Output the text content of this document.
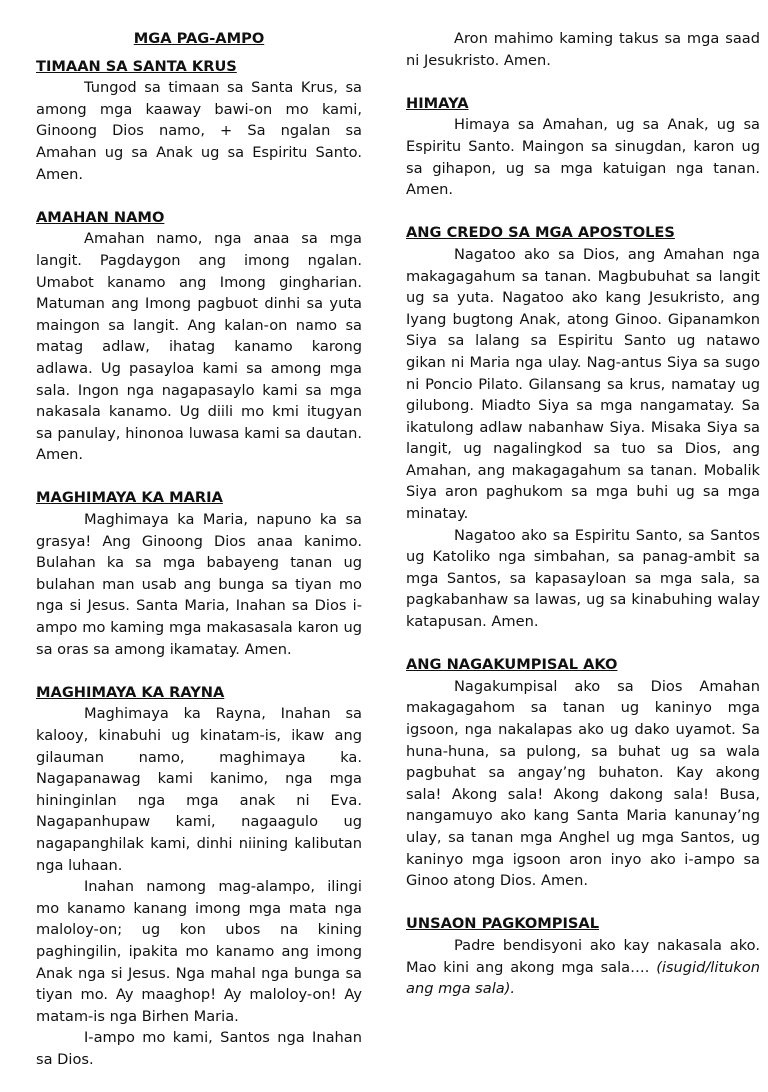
MGA PAG-AMPO

TIMAAN SA SANTA KRUS

Tungod sa timaan sa Santa Krus, sa among mga kaaway bawi-on mo kami, Ginoong Dios namo, + Sa ngalan sa Amahan ug sa Anak ug sa Espiritu Santo. Amen.

AMAHAN NAMO

Amahan namo, nga anaa sa mga langit. Pagdaygon ang imong ngalan. Umabot kanamo ang Imong gingharian. Matuman ang Imong pagbuot dinhi sa yuta maingon sa langit. Ang kalan-on namo sa matag adlaw, ihatag kanamo karong adlawa. Ug pasayloa kami sa among mga sala. Ingon nga nagapasaylo kami sa mga nakasala kanamo. Ug diili mo kmi itugyan sa panulay, hinonoa luwasa kami sa dautan. Amen.

MAGHIMAYA KA MARIA

Maghimaya ka Maria, napuno ka sa grasya! Ang Ginoong Dios anaa kanimo. Bulahan ka sa mga babayeng tanan ug bulahan man usab ang bunga sa tiyan mo nga si Jesus. Santa Maria, Inahan sa Dios i-ampo mo kaming mga makasasala karon ug sa oras sa among ikamatay. Amen.

MAGHIMAYA KA RAYNA

Maghimaya ka Rayna, Inahan sa kalooy, kinabuhi ug kinatam-is, ikaw ang gilauman namo, maghimaya ka. Nagapanawag kami kanimo, nga mga hininginlan nga mga anak ni Eva. Nagapanhupaw kami, nagaagulo ug nagapanghilak kami, dinhi niining kalibutan nga luhaan.

Inahan namong mag-alampo, ilingi mo kanamo kanang imong mga mata nga maloloy-on; ug kon ubos na kining paghingilin, ipakita mo kanamo ang imong Anak nga si Jesus. Nga mahal nga bunga sa tiyan mo. Ay maaghop! Ay maloloy-on! Ay matam-is nga Birhen Maria.

I-ampo mo kami, Santos nga Inahan sa Dios.

Aron mahimo kaming takus sa mga saad ni Jesukristo. Amen.

HIMAYA

Himaya sa Amahan, ug sa Anak, ug sa Espiritu Santo. Maingon sa sinugdan, karon ug sa gihapon, ug sa mga katuigan nga tanan. Amen.

ANG CREDO SA MGA APOSTOLES

Nagatoo ako sa Dios, ang Amahan nga makagagahum sa tanan. Magbubuhat sa langit ug sa yuta. Nagatoo ako kang Jesukristo, ang Iyang bugtong Anak, atong Ginoo. Gipanamkon Siya sa lalang sa Espiritu Santo ug natawo gikan ni Maria nga ulay. Nag-antus Siya sa sugo ni Poncio Pilato. Gilansang sa krus, namatay ug gilubong. Miadto Siya sa mga nangamatay. Sa ikatulong adlaw nabanhaw Siya. Misaka Siya sa langit, ug nagalingkod sa tuo sa Dios, ang Amahan, ang makagagahum sa tanan. Mobalik Siya aron paghukom sa mga buhi ug sa mga minatay.

Nagatoo ako sa Espiritu Santo, sa Santos ug Katoliko nga simbahan, sa panag-ambit sa mga Santos, sa kapasayloan sa mga sala, sa pagkabanhaw sa lawas, ug sa kinabuhing walay katapusan. Amen.

ANG NAGAKUMPISAL AKO

Nagakumpisal ako sa Dios Amahan makagagahom sa tanan ug kaninyo mga igsoon, nga nakalapas ako ug dako uyamot. Sa huna-huna, sa pulong, sa buhat ug sa wala pagbuhat sa angay’ng buhaton. Kay akong sala! Akong sala! Akong dakong sala! Busa, nangamuyo ako kang Santa Maria kanunay’ng ulay, sa tanan mga Anghel ug mga Santos, ug kaninyo mga igsoon aron inyo ako i-ampo sa Ginoo atong Dios. Amen.

UNSAON PAGKOMPISAL

Padre bendisyoni ako kay nakasala ako. Mao kini ang akong mga sala…. (isugid/litukon ang mga sala).
